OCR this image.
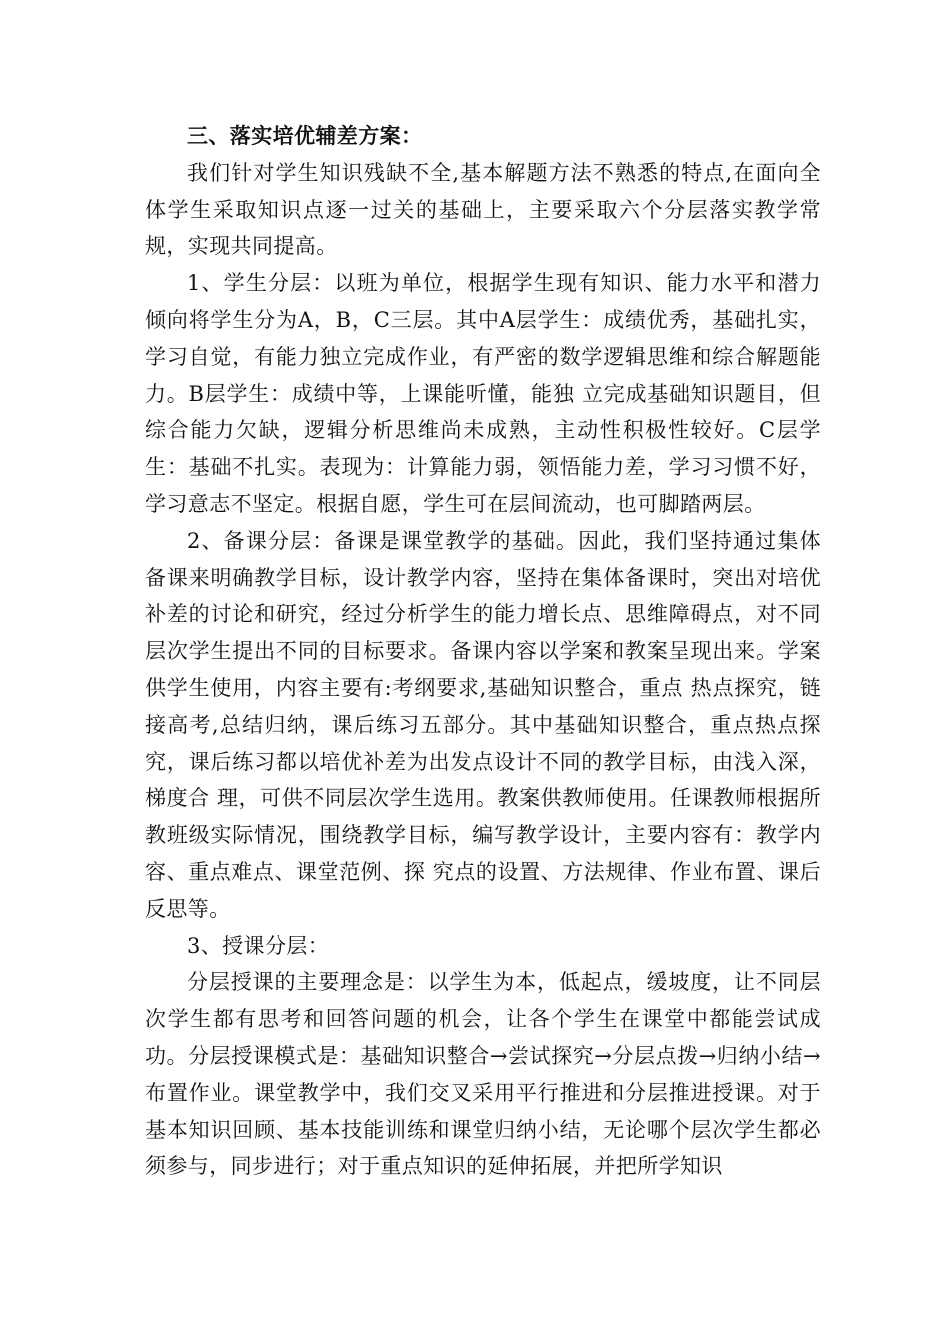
三、落实培优辅差方案：

我们针对学生知识残缺不全,基本解题方法不熟悉的特点,在面向全体学生采取知识点逐一过关的基础上，主要采取六个分层落实教学常规，实现共同提高。

1、学生分层：以班为单位，根据学生现有知识、能力水平和潜力倾向将学生分为A，B，C三层。其中A层学生：成绩优秀，基础扎实，学习自觉，有能力独立完成作业，有严密的数学逻辑思维和综合解题能力。B层学生：成绩中等，上课能听懂，能独 立完成基础知识题目，但综合能力欠缺，逻辑分析思维尚未成熟，主动性积极性较好。C层学生：基础不扎实。表现为：计算能力弱，领悟能力差，学习习惯不好，学习意志不坚定。根据自愿，学生可在层间流动，也可脚踏两层。

2、备课分层：备课是课堂教学的基础。因此，我们坚持通过集体备课来明确教学目标，设计教学内容，坚持在集体备课时，突出对培优补差的讨论和研究，经过分析学生的能力增长点、思维障碍点，对不同层次学生提出不同的目标要求。备课内容以学案和教案呈现出来。学案供学生使用，内容主要有:考纲要求,基础知识整合，重点 热点探究，链接高考,总结归纳，课后练习五部分。其中基础知识整合，重点热点探究，课后练习都以培优补差为出发点设计不同的教学目标，由浅入深，梯度合 理，可供不同层次学生选用。教案供教师使用。任课教师根据所教班级实际情况，围绕教学目标，编写教学设计，主要内容有：教学内容、重点难点、课堂范例、探 究点的设置、方法规律、作业布置、课后反思等。

3、授课分层：

分层授课的主要理念是：以学生为本，低起点，缓坡度，让不同层次学生都有思考和回答问题的机会，让各个学生在课堂中都能尝试成功。分层授课模式是：基础知识整合→尝试探究→分层点拨→归纳小结→布置作业。课堂教学中，我们交叉采用平行推进和分层推进授课。对于基本知识回顾、基本技能训练和课堂归纳小结，无论哪个层次学生都必须参与，同步进行；对于重点知识的延伸拓展，并把所学知识
